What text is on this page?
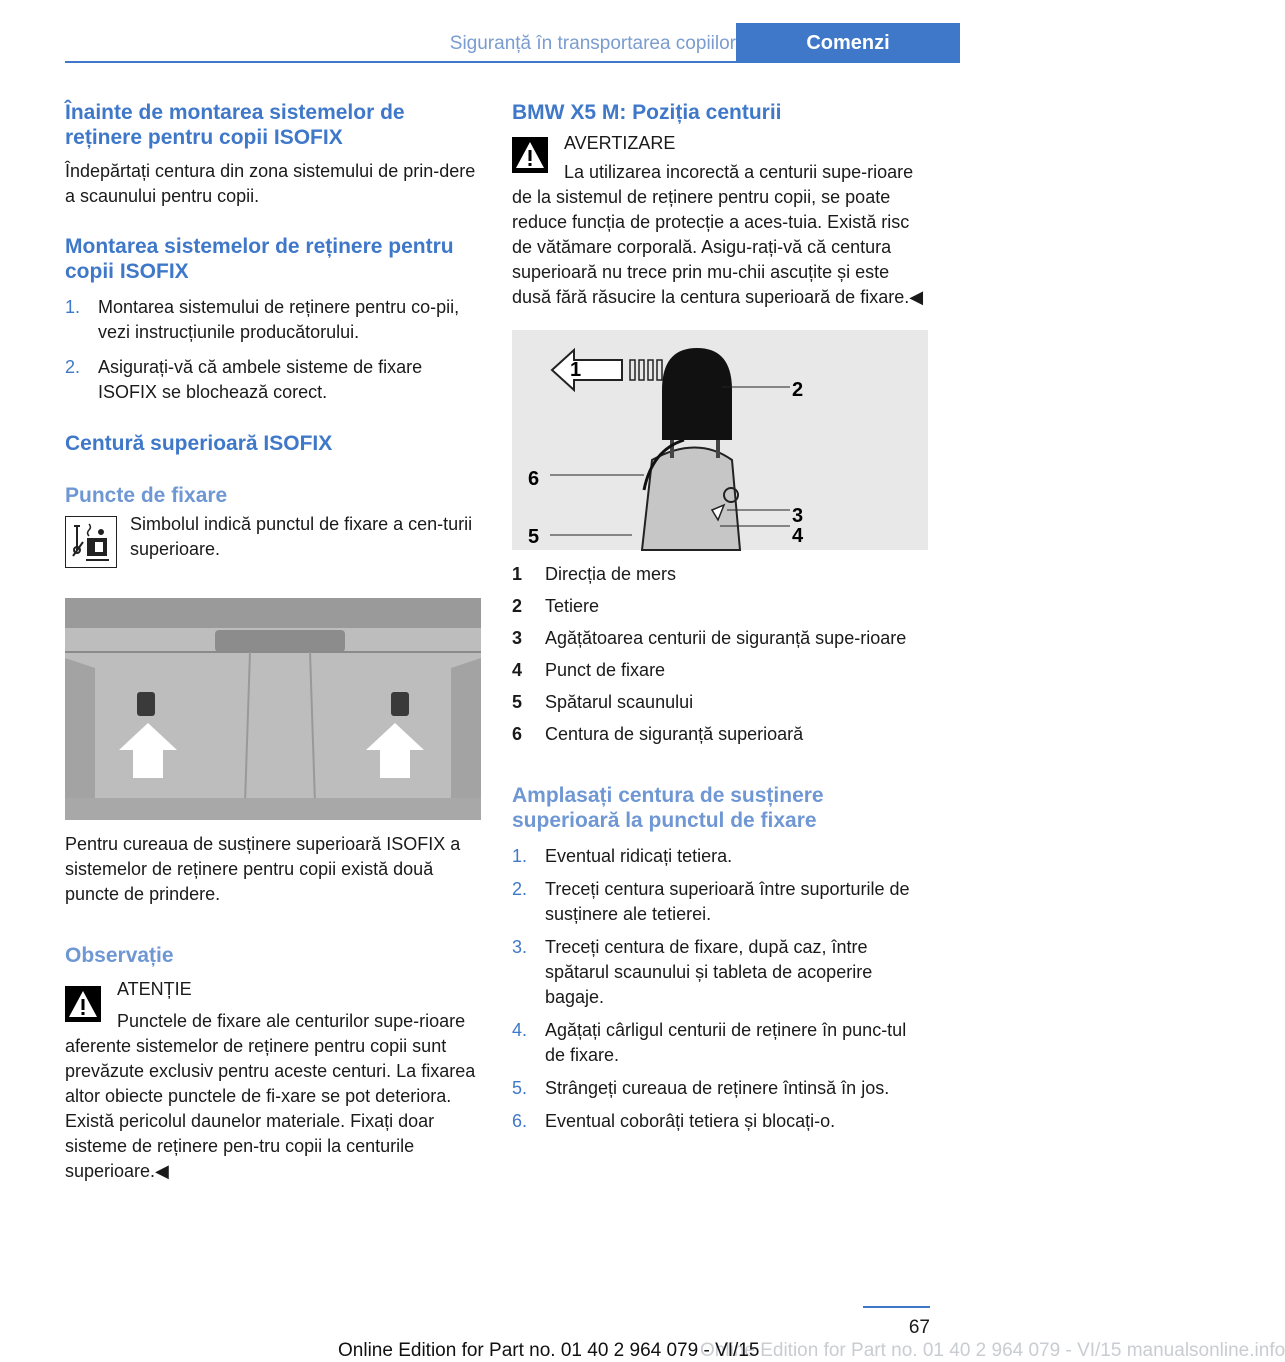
Siguranță în transportarea copiilor	Comenzi
Înainte de montarea sistemelor de reținere pentru copii ISOFIX

Îndepărtați centura din zona sistemului de prin‐dere a scaunului pentru copii.

Montarea sistemelor de reținere pentru copii ISOFIX
1. Montarea sistemului de reținere pentru co‐pii, vezi instrucțiunile producătorului.
2. Asigurați-vă că ambele sisteme de fixare ISOFIX se blochează corect.
Centură superioară ISOFIX
Puncte de fixare

Simbolul indică punctul de fixare a cen‐turii superioare.

Pentru cureaua de susținere superioară ISOFIX a sistemelor de reținere pentru copii există două puncte de prindere.

Observație

ATENȚIE

Punctele de fixare ale centurilor supe‐rioare aferente sistemelor de reținere pentru copii sunt prevăzute exclusiv pentru aceste centuri. La fixarea altor obiecte punctele de fi‐xare se pot deteriora. Există pericolul daunelor materiale. Fixați doar sisteme de reținere pen‐tru copii la centurile superioare.◀

BMW X5 M: Poziția centurii

AVERTIZARE

La utilizarea incorectă a centurii supe‐rioare de la sistemul de reținere pentru copii, se poate reduce funcția de protecție a aces‐tuia. Există risc de vătămare corporală. Asigu‐rați-vă că centura superioară nu trece prin mu‐chii ascuțite și este dusă fără răsucire la centura superioară de fixare.◀

1
2
3
4
5
6
1	Direcția de mers
2	Tetiere
3	Agățătoarea centurii de siguranță supe‐rioare
4	Punct de fixare
5	Spătarul scaunului
6	Centura de siguranță superioară
Amplasați centura de susținere superioară la punctul de fixare
1. Eventual ridicați tetiera.
2. Treceți centura superioară între suporturile de susținere ale tetierei.
3. Treceți centura de fixare, după caz, între spătarul scaunului și tableta de acoperire bagaje.
4. Agățați cârligul centurii de reținere în punc‐tul de fixare.
5. Strângeți cureaua de reținere întinsă în jos.
6. Eventual coborâți tetiera și blocați-o.
67
Online Edition for Part no. 01 40 2 964 079 - VI/15 manualsonline.info
Online Edition for Part no. 01 40 2 964 079 - VI/15
